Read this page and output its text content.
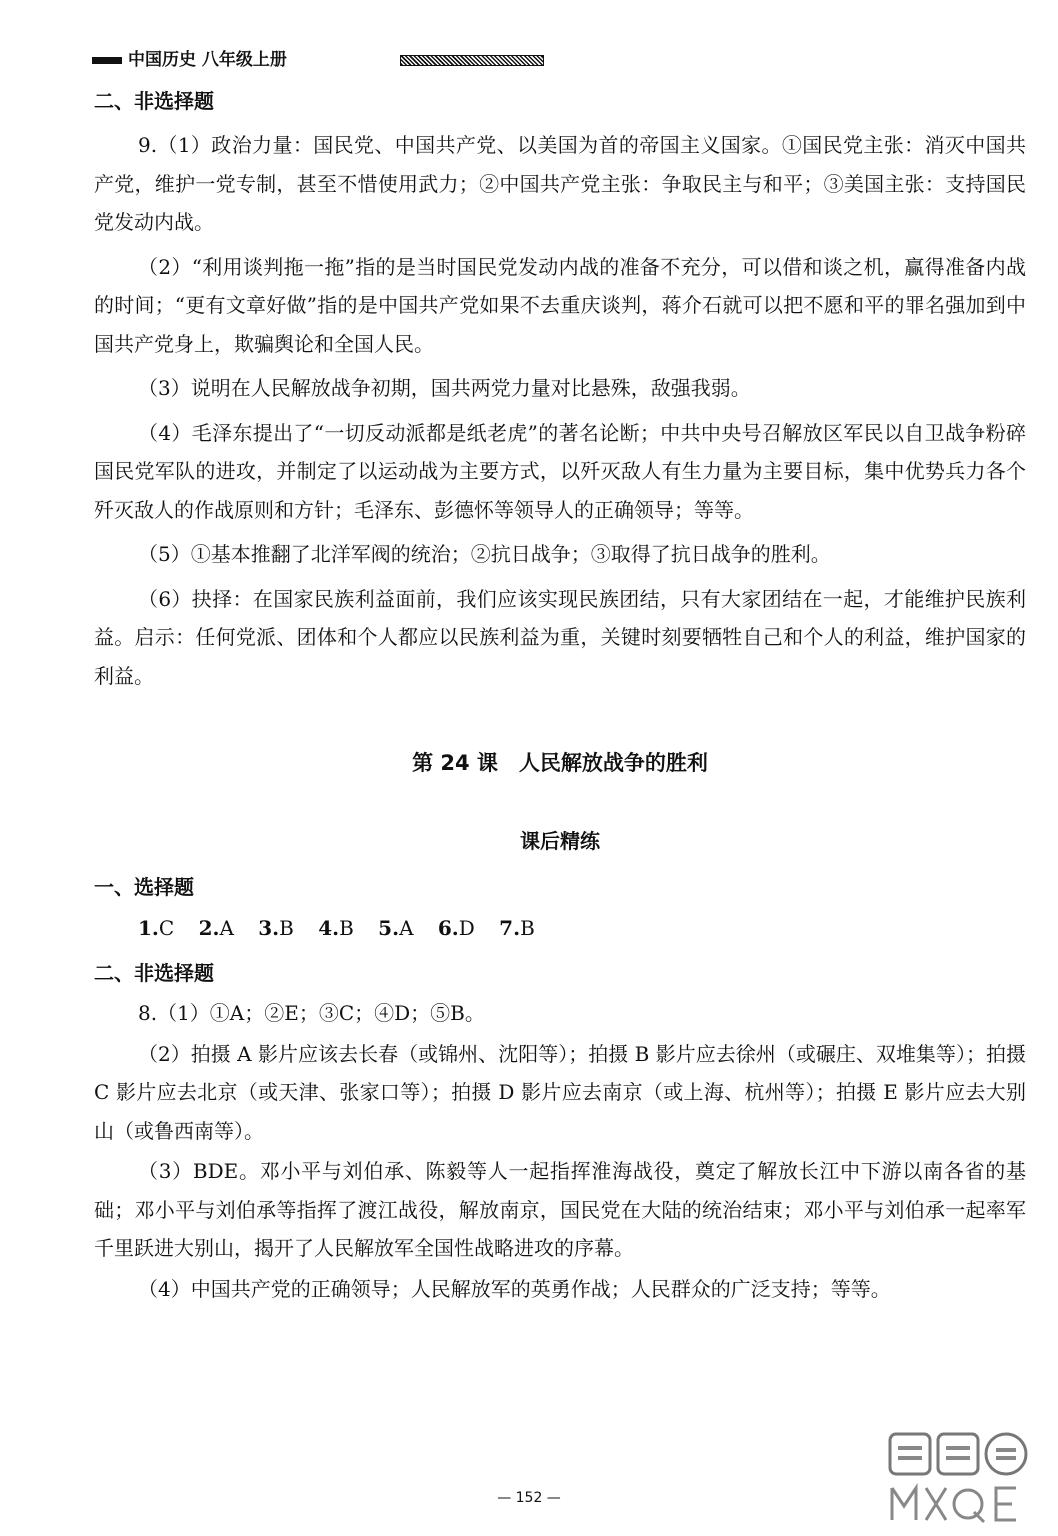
中国历史 八年级上册
二、非选择题

9.（1）政治力量：国民党、中国共产党、以美国为首的帝国主义国家。①国民党主张：消灭中国共产党，维护一党专制，甚至不惜使用武力；②中国共产党主张：争取民主与和平；③美国主张：支持国民党发动内战。

（2）“利用谈判拖一拖”指的是当时国民党发动内战的准备不充分，可以借和谈之机，赢得准备内战的时间；“更有文章好做”指的是中国共产党如果不去重庆谈判，蒋介石就可以把不愿和平的罪名强加到中国共产党身上，欺骗舆论和全国人民。

（3）说明在人民解放战争初期，国共两党力量对比悬殊，敌强我弱。

（4）毛泽东提出了“一切反动派都是纸老虎”的著名论断；中共中央号召解放区军民以自卫战争粉碎国民党军队的进攻，并制定了以运动战为主要方式，以歼灭敌人有生力量为主要目标，集中优势兵力各个歼灭敌人的作战原则和方针；毛泽东、彭德怀等领导人的正确领导；等等。

（5）①基本推翻了北洋军阀的统治；②抗日战争；③取得了抗日战争的胜利。

（6）抉择：在国家民族利益面前，我们应该实现民族团结，只有大家团结在一起，才能维护民族利益。启示：任何党派、团体和个人都应以民族利益为重，关键时刻要牺牲自己和个人的利益，维护国家的利益。

第 24 课　人民解放战争的胜利
课后精练
一、选择题
1.C 2.A 3.B 4.B 5.A 6.D 7.B
二、非选择题

8.（1）①A；②E；③C；④D；⑤B。

（2）拍摄 A 影片应该去长春（或锦州、沈阳等）；拍摄 B 影片应去徐州（或碾庄、双堆集等）；拍摄 C 影片应去北京（或天津、张家口等）；拍摄 D 影片应去南京（或上海、杭州等）；拍摄 E 影片应去大别山（或鲁西南等）。

（3）BDE。邓小平与刘伯承、陈毅等人一起指挥淮海战役，奠定了解放长江中下游以南各省的基础；邓小平与刘伯承等指挥了渡江战役，解放南京，国民党在大陆的统治结束；邓小平与刘伯承一起率军千里跃进大别山，揭开了人民解放军全国性战略进攻的序幕。

（4）中国共产党的正确领导；人民解放军的英勇作战；人民群众的广泛支持；等等。

— 152 —
